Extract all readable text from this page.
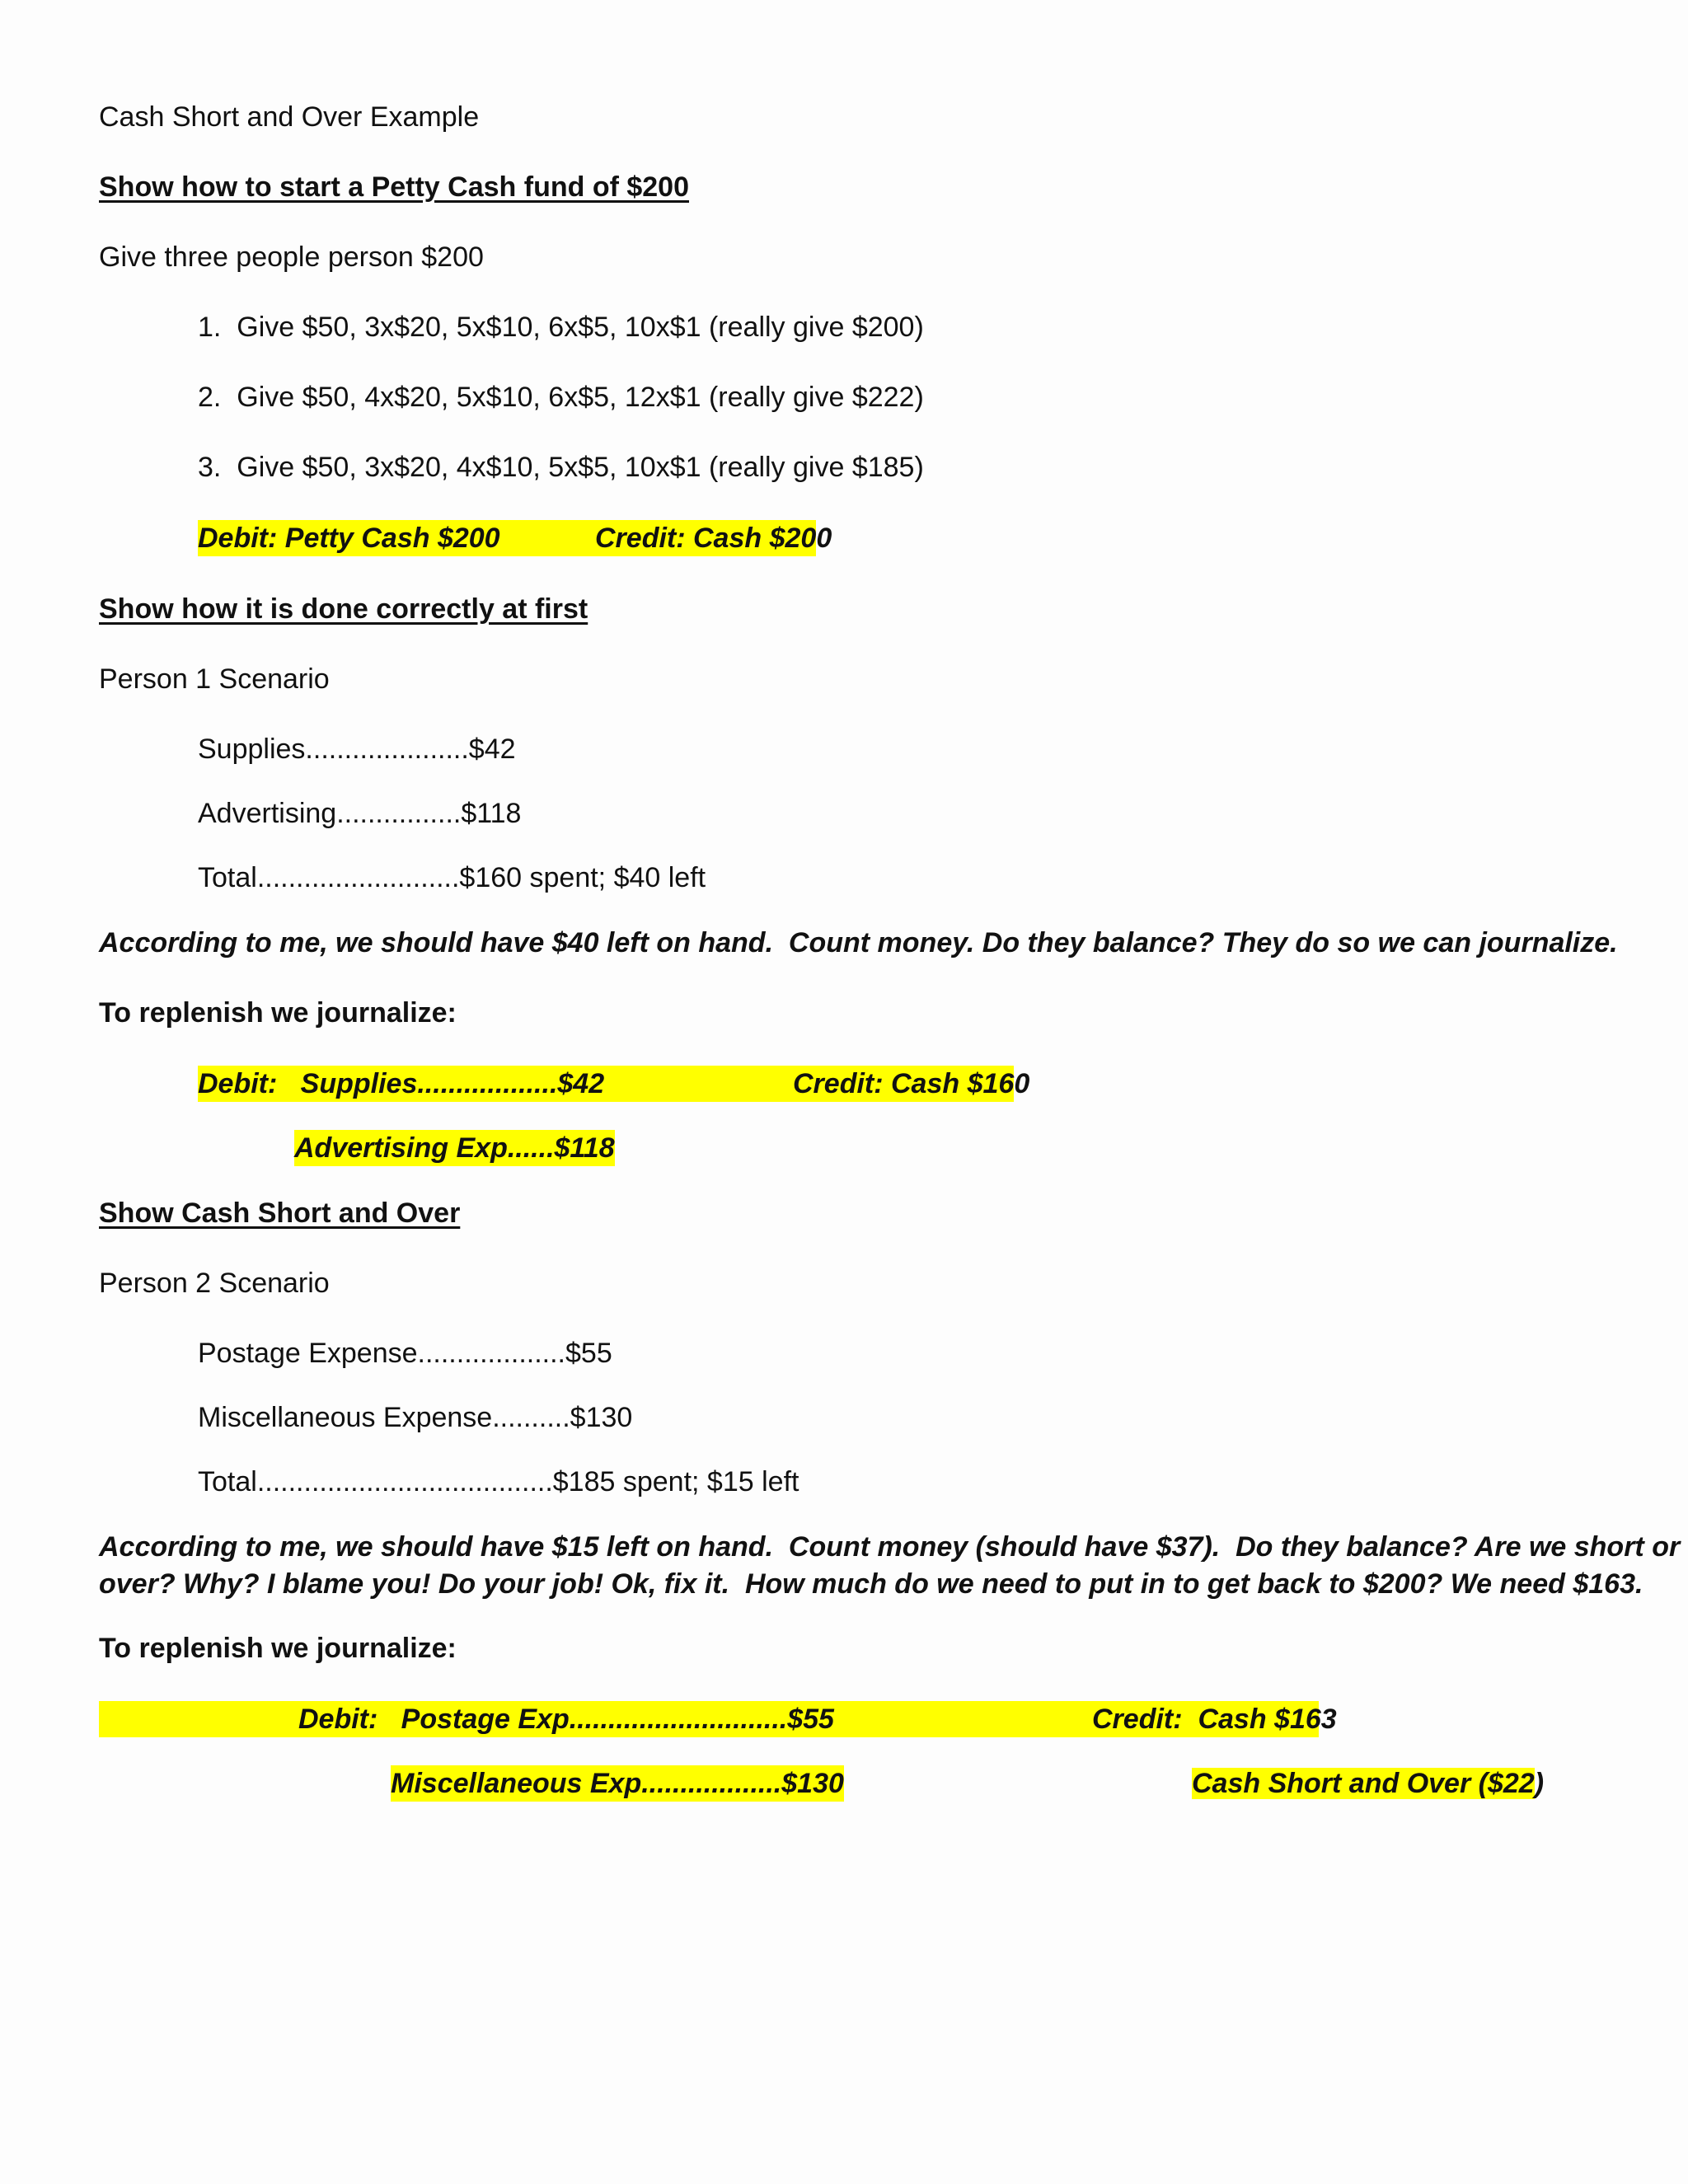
Cash Short and Over Example
Show how to start a Petty Cash fund of $200
Give three people person $200
1.  Give $50, 3x$20, 5x$10, 6x$5, 10x$1 (really give $200)
2.  Give $50, 4x$20, 5x$10, 6x$5, 12x$1 (really give $222)
3.  Give $50, 3x$20, 4x$10, 5x$5, 10x$1 (really give $185)
Debit: Petty Cash $200	Credit: Cash $200
Show how it is done correctly at first
Person 1 Scenario
Supplies.....................$42
Advertising................$118
Total..........................$160 spent; $40 left
According to me, we should have $40 left on hand.  Count money. Do they balance? They do so we can journalize.
To replenish we journalize:
Debit:   Supplies..................$42	Credit: Cash $160
Advertising Exp......$118
Show Cash Short and Over
Person 2 Scenario
Postage Expense...................$55
Miscellaneous Expense..........$130
Total......................................$185 spent; $15 left
According to me, we should have $15 left on hand.  Count money (should have $37).  Do they balance? Are we short or
over? Why? I blame you! Do your job! Ok, fix it.  How much do we need to put in to get back to $200? We need $163.
To replenish we journalize:
Debit:   Postage Exp............................$55	Credit:  Cash $163
Miscellaneous Exp..................$130	Cash Short and Over ($22)
